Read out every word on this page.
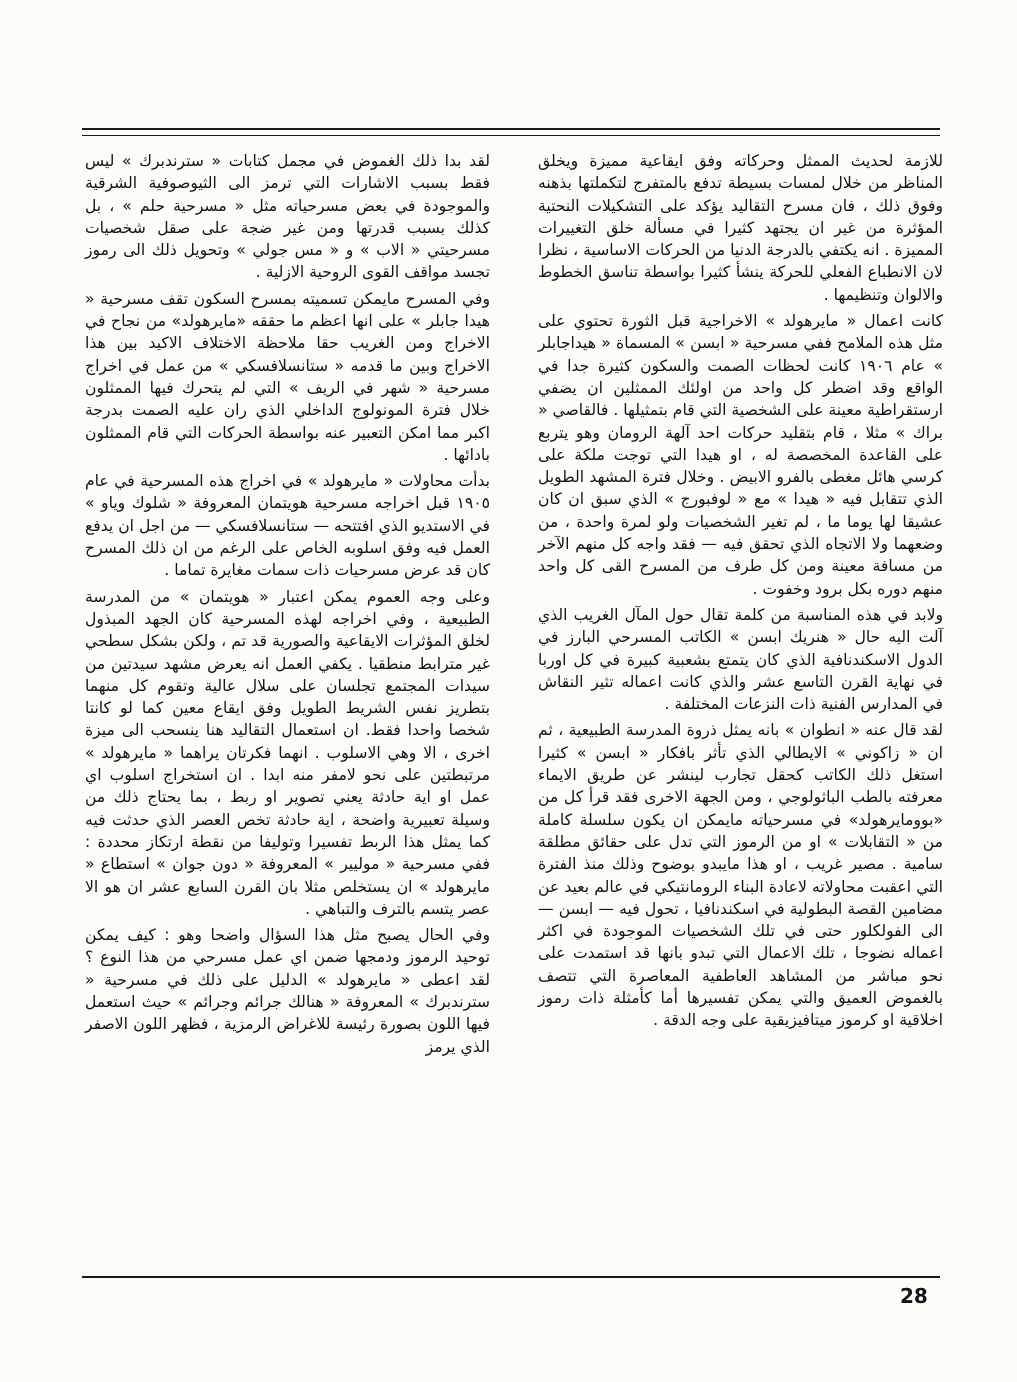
للازمة لحديث الممثل وحركاته وفق ايقاعية مميزة ويخلق المناظر من خلال لمسات بسيطة تدفع بالمتفرج لتكملتها بذهنه وفوق ذلك ، فان مسرح التقاليد يؤكد على التشكيلات النحتية المؤثرة من غير ان يجتهد كثيرا في مسألة خلق التغييرات المميزة . انه يكتفي بالدرجة الدنيا من الحركات الاساسية ، نظرا لان الانطباع الفعلي للحركة ينشأ كثيرا بواسطة تناسق الخطوط والالوان وتنظيمها .

كانت اعمال « مايرهولد » الاخراجية قبل الثورة تحتوي على مثل هذه الملامح ففي مسرحية « ابسن » المسماة « هيداجابلر » عام ١٩٠٦ كانت لحظات الصمت والسكون كثيرة جدا في الواقع وقد اضطر كل واحد من اولئك الممثلين ان يضفي ارستقراطية معينة على الشخصية التي قام بتمثيلها . فالقاصي « براك » مثلا ، قام بتقليد حركات احد آلهة الرومان وهو يتربع على القاعدة المخصصة له ، او هيدا التي توجت ملكة على كرسي هائل مغطى بالفرو الابيض . وخلال فترة المشهد الطويل الذي تتقابل فيه « هيدا » مع « لوفبورج » الذي سبق ان كان عشيقا لها يوما ما ، لم تغير الشخصيات ولو لمرة واحدة ، من وضعهما ولا الاتجاه الذي تحقق فيه — فقد واجه كل منهم الآخر من مسافة معينة ومن كل طرف من المسرح القى كل واحد منهم دوره بكل برود وخفوت .

ولابد في هذه المناسبة من كلمة تقال حول المآل الغريب الذي آلت اليه حال « هنريك ابسن » الكاتب المسرحي البارز في الدول الاسكندنافية الذي كان يتمتع بشعبية كبيرة في كل اوربا في نهاية القرن التاسع عشر والذي كانت اعماله تثير النقاش في المدارس الفنية ذات النزعات المختلفة .

لقد قال عنه « انطوان » بانه يمثل ذروة المدرسة الطبيعية ، ثم ان « زاكوني » الايطالي الذي تأثر بافكار « ابسن » كثيرا استغل ذلك الكاتب كحقل تجارب لينشر عن طريق الايماء معرفته بالطب الباثولوجي ، ومن الجهة الاخرى فقد قرأ كل من «بوومايرهولد» في مسرحياته مايمكن ان يكون سلسلة كاملة من « التقابلات » او من الرموز التي تدل على حقائق مطلقة سامية . مصير غريب ، او هذا مايبدو بوضوح وذلك منذ الفترة التي اعقبت محاولاته لاعادة البناء الرومانتيكي في عالم بعيد عن مضامين القصة البطولية في اسكندنافيا ، تحول فيه — ابسن — الى الفولكلور حتى في تلك الشخصيات الموجودة في اكثر اعماله نضوجا ، تلك الاعمال التي تبدو بانها قد استمدت على نحو مباشر من المشاهد العاطفية المعاصرة التي تتصف بالغموض العميق والتي يمكن تفسيرها أما كأمثلة ذات رموز اخلاقية او كرموز ميتافيزيقية على وجه الدقة .

لقد بدا ذلك الغموض في مجمل كتابات « سترندبرك » ليس فقط بسبب الاشارات التي ترمز الى الثيوصوفية الشرقية والموجودة في بعض مسرحياته مثل « مسرحية حلم » ، بل كذلك بسبب قدرتها ومن غير ضجة على صقل شخصيات مسرحيتي « الاب » و « مس جولي » وتحويل ذلك الى رموز تجسد مواقف القوى الروحية الازلية .

وفي المسرح مايمكن تسميته بمسرح السكون تقف مسرحية « هيدا جابلر » على انها اعظم ما حققه «مايرهولد» من نجاح في الاخراج ومن الغريب حقا ملاحظة الاختلاف الاكيد بين هذا الاخراج وبين ما قدمه « ستانسلافسكي » من عمل في اخراج مسرحية « شهر في الريف » التي لم يتحرك فيها الممثلون خلال فترة المونولوج الداخلي الذي ران عليه الصمت بدرجة اكبر مما امكن التعبير عنه بواسطة الحركات التي قام الممثلون بادائها .

بدأت محاولات « مايرهولد » في اخراج هذه المسرحية في عام ١٩٠٥ قبل اخراجه مسرحية هويتمان المعروفة « شلوك وياو » في الاستديو الذي افتتحه — ستانسلافسكي — من اجل ان يدفع العمل فيه وفق اسلوبه الخاص على الرغم من ان ذلك المسرح كان قد عرض مسرحيات ذات سمات مغايرة تماما .

وعلى وجه العموم يمكن اعتبار « هويتمان » من المدرسة الطبيعية ، وفي اخراجه لهذه المسرحية كان الجهد المبذول لخلق المؤثرات الايقاعية والصورية قد تم ، ولكن بشكل سطحي غير مترابط منطقيا . يكفي العمل انه يعرض مشهد سيدتين من سيدات المجتمع تجلسان على سلال عالية وتقوم كل منهما بتطريز نفس الشريط الطويل وفق ايقاع معين كما لو كانتا شخصا واحدا فقط. ان استعمال التقاليد هنا ينسحب الى ميزة اخرى ، الا وهي الاسلوب . انهما فكرتان يراهما « مايرهولد » مرتبطتين على نحو لامفر منه ابدا . ان استخراج اسلوب اي عمل او اية حادثة يعني تصوير او ربط ، بما يحتاج ذلك من وسيلة تعبيرية واضحة ، اية حادثة تخص العصر الذي حدثت فيه كما يمثل هذا الربط تفسيرا وتوليفا من نقطة ارتكاز محددة : ففي مسرحية « موليير » المعروفة « دون جوان » استطاع « مايرهولد » ان يستخلص مثلا بان القرن السابع عشر ان هو الا عصر يتسم بالترف والتباهي .

وفي الحال يصبح مثل هذا السؤال واضحا وهو : كيف يمكن توحيد الرموز ودمجها ضمن اي عمل مسرحي من هذا النوع ؟ لقد اعطى « مايرهولد » الدليل على ذلك في مسرحية « سترندبرك » المعروفة « هنالك جرائم وجرائم » حيث استعمل فيها اللون بصورة رئيسة للاغراض الرمزية ، فظهر اللون الاصفر الذي يرمز

28
